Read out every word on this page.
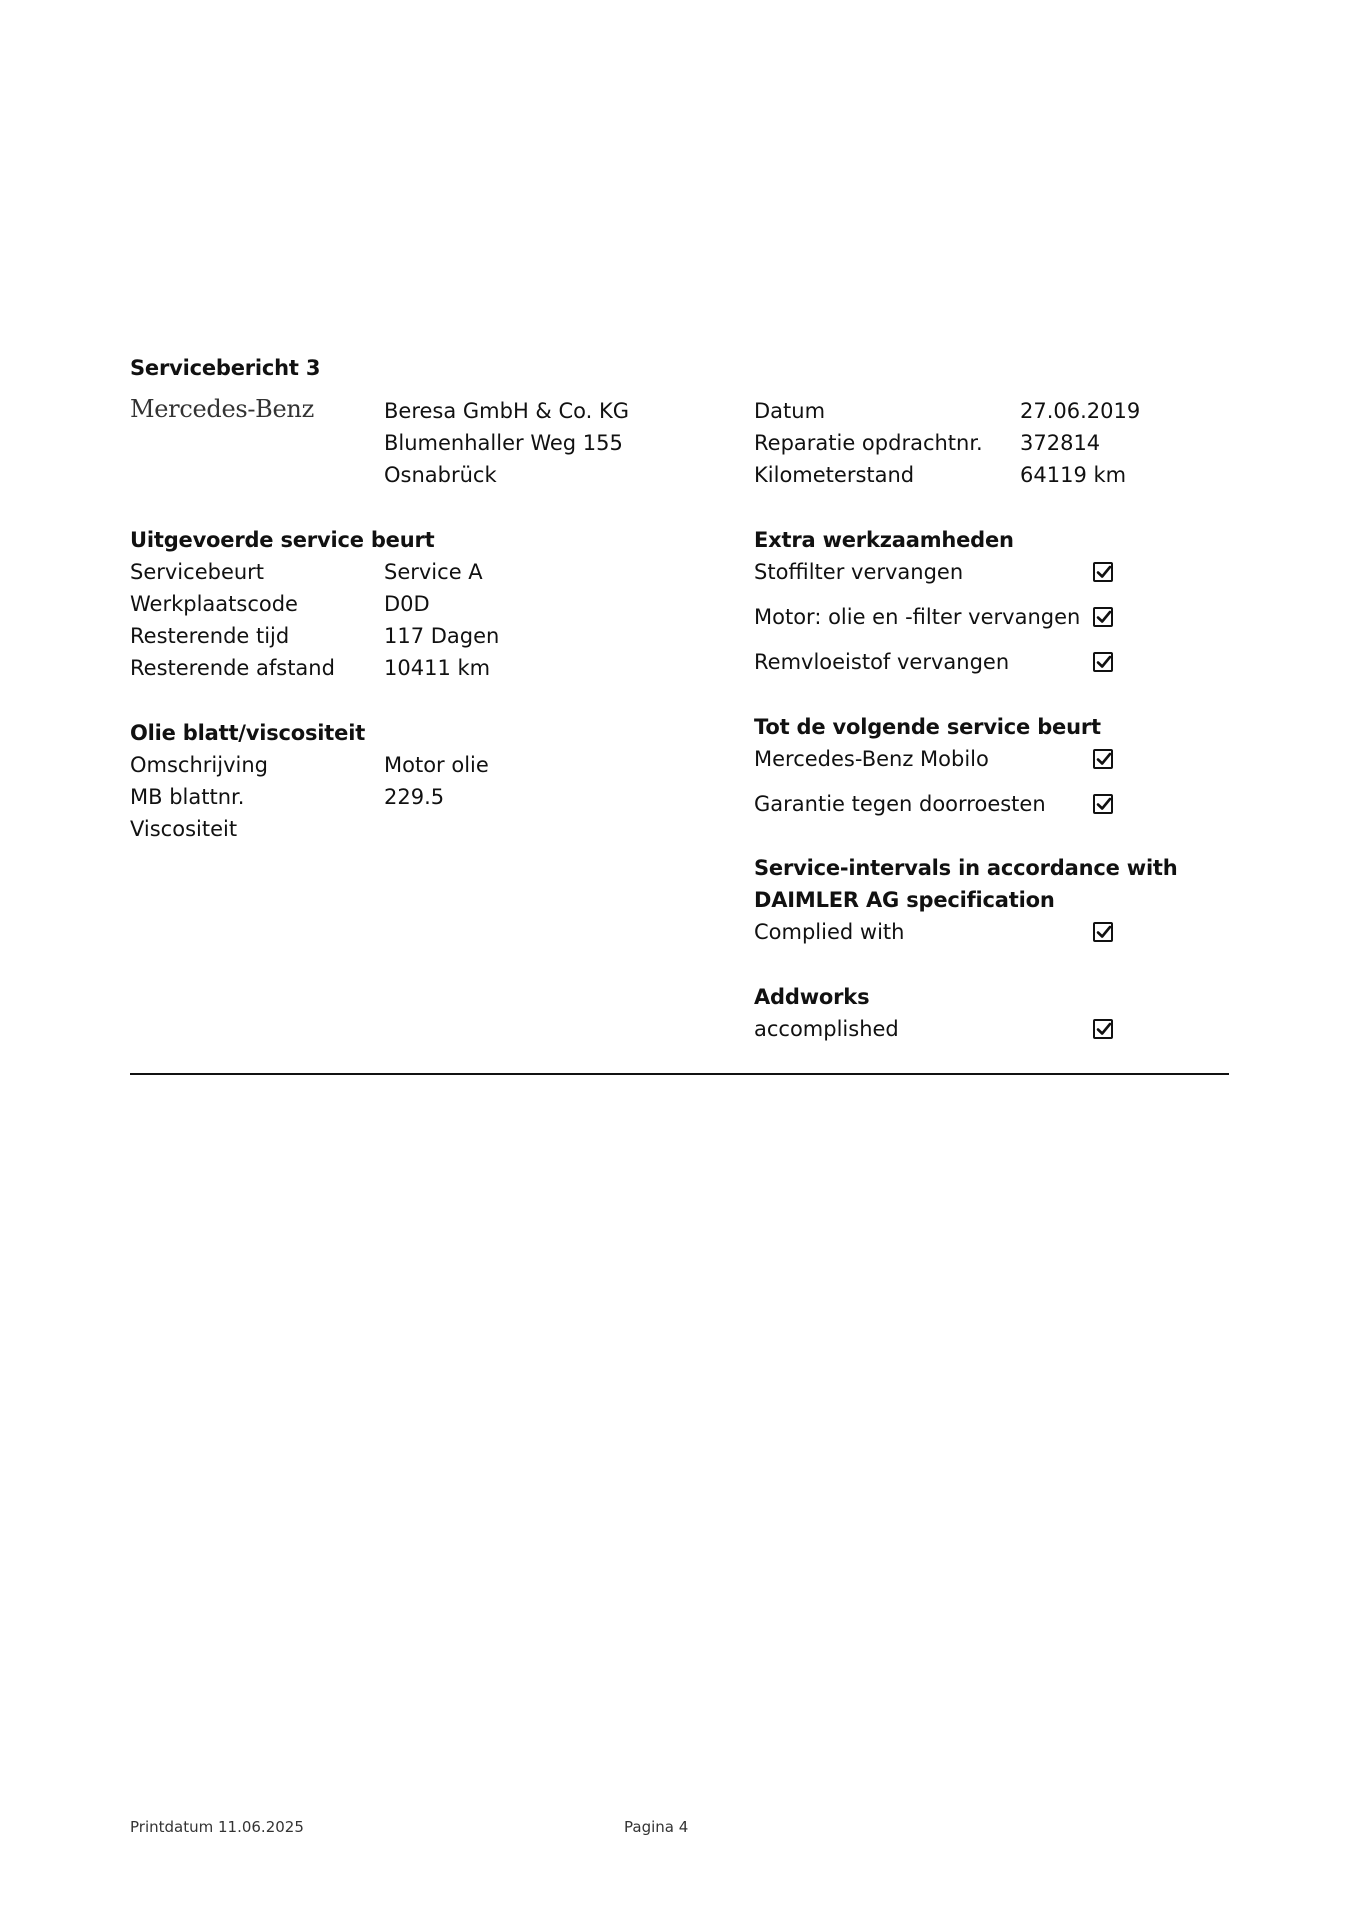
Servicebericht 3
Mercedes-Benz	Beresa GmbH & Co. KG
Blumenhaller Weg 155
Osnabrück
Datum	27.06.2019
Reparatie opdrachtnr. 372814
Kilometerstand	64119 km
Uitgevoerde service beurt
Servicebeurt	Service A
Werkplaatscode	D0D
Resterende tijd	117 Dagen
Resterende afstand 10411 km
Olie blatt/viscositeit
Omschrijving	Motor olie
MB blattnr.	229.5
Viscositeit
Extra werkzaamheden
Stoffilter vervangen
Motor: olie en -filter vervangen
Remvloeistof vervangen
Tot de volgende service beurt
Mercedes-Benz Mobilo
Garantie tegen doorroesten
Service-intervals in accordance with
DAIMLER AG specification
Complied with
Addworks
accomplished
Printdatum 11.06.2025	Pagina 4
